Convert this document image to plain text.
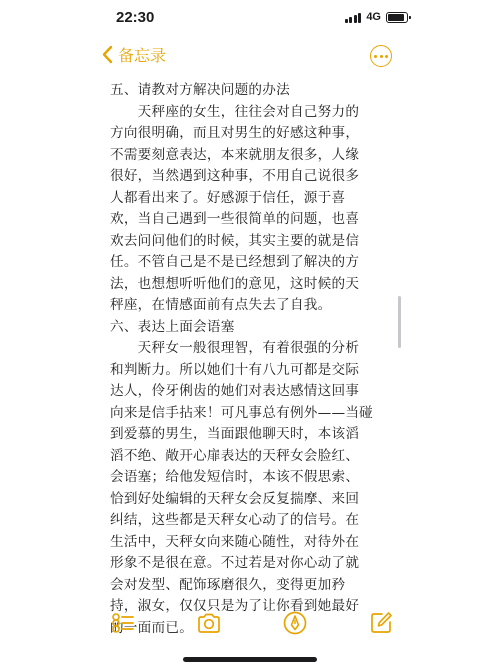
22:30	4G
备忘录
五、请教对方解决问题的办法
　　天秤座的女生，往往会对自己努力的
方向很明确，而且对男生的好感这种事，
不需要刻意表达，本来就朋友很多，人缘
很好，当然遇到这种事，不用自己说很多
人都看出来了。好感源于信任，源于喜
欢，当自己遇到一些很简单的问题，也喜
欢去问问他们的时候，其实主要的就是信
任。不管自己是不是已经想到了解决的方
法，也想想听听他们的意见，这时候的天
秤座，在情感面前有点失去了自我。
六、表达上面会语塞
　　天秤女一般很理智，有着很强的分析
和判断力。所以她们十有八九可都是交际
达人，伶牙俐齿的她们对表达感情这回事
向来是信手拈来！可凡事总有例外——当碰
到爱慕的男生，当面跟他聊天时，本该滔
滔不绝、敞开心扉表达的天秤女会脸红、
会语塞；给他发短信时，本该不假思索、
恰到好处编辑的天秤女会反复揣摩、来回
纠结，这些都是天秤女心动了的信号。在
生活中，天秤女向来随心随性，对待外在
形象不是很在意。不过若是对你心动了就
会对发型、配饰琢磨很久，变得更加矜
持，淑女，仅仅只是为了让你看到她最好
的一面而已。
